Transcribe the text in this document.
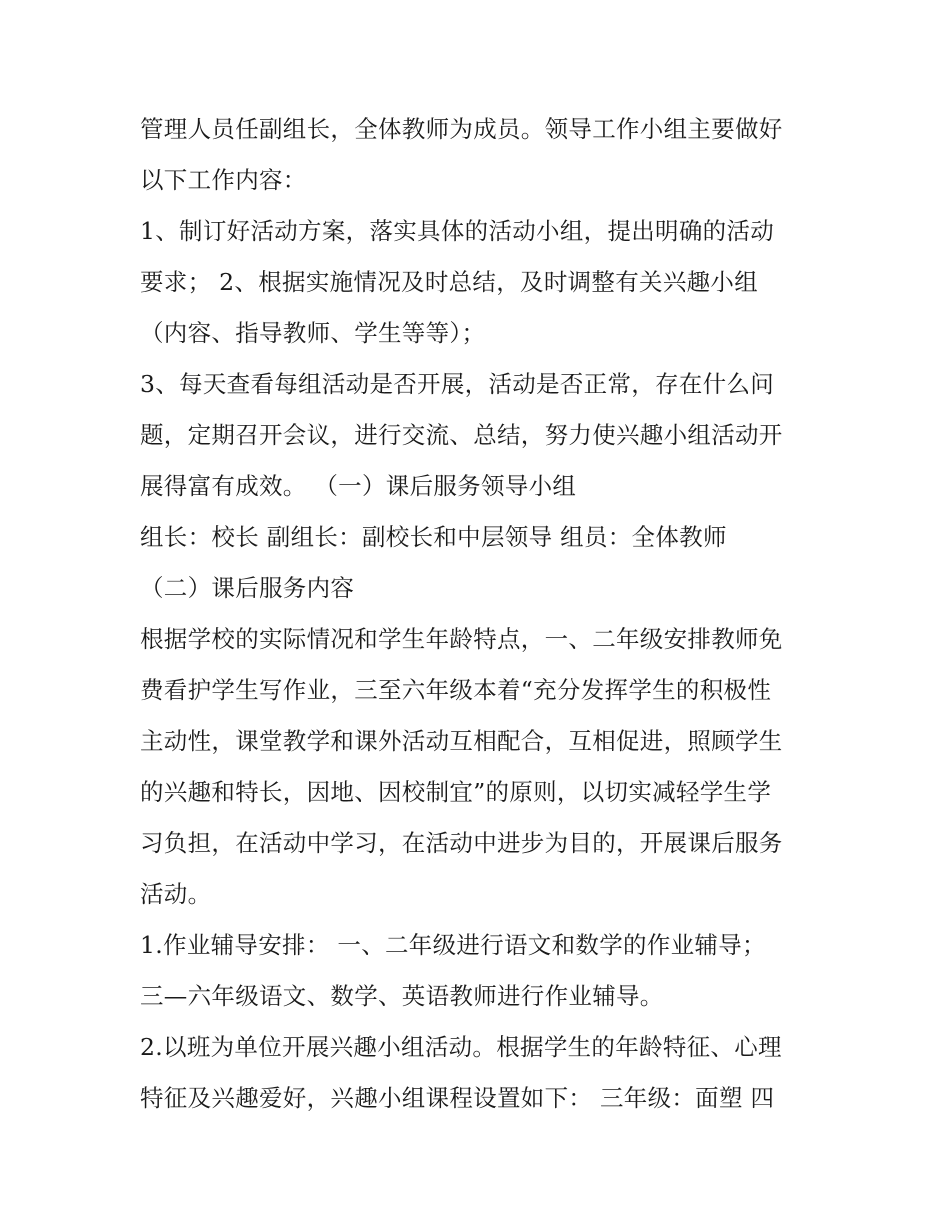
管理人员任副组长，全体教师为成员。领导工作小组主要做好
以下工作内容：
1、制订好活动方案，落实具体的活动小组，提出明确的活动
要求； 2、根据实施情况及时总结，及时调整有关兴趣小组
（内容、指导教师、学生等等）；
3、每天查看每组活动是否开展，活动是否正常，存在什么问
题，定期召开会议，进行交流、总结，努力使兴趣小组活动开
展得富有成效。 （一）课后服务领导小组
组长：校长 副组长：副校长和中层领导 组员：全体教师
（二）课后服务内容
根据学校的实际情况和学生年龄特点，一、二年级安排教师免
费看护学生写作业，三至六年级本着“充分发挥学生的积极性
主动性，课堂教学和课外活动互相配合，互相促进，照顾学生
的兴趣和特长，因地、因校制宜”的原则，以切实减轻学生学
习负担，在活动中学习，在活动中进步为目的，开展课后服务
活动。
1.作业辅导安排： 一、二年级进行语文和数学的作业辅导；
三—六年级语文、数学、英语教师进行作业辅导。
2.以班为单位开展兴趣小组活动。根据学生的年龄特征、心理
特征及兴趣爱好，兴趣小组课程设置如下： 三年级：面塑 四
